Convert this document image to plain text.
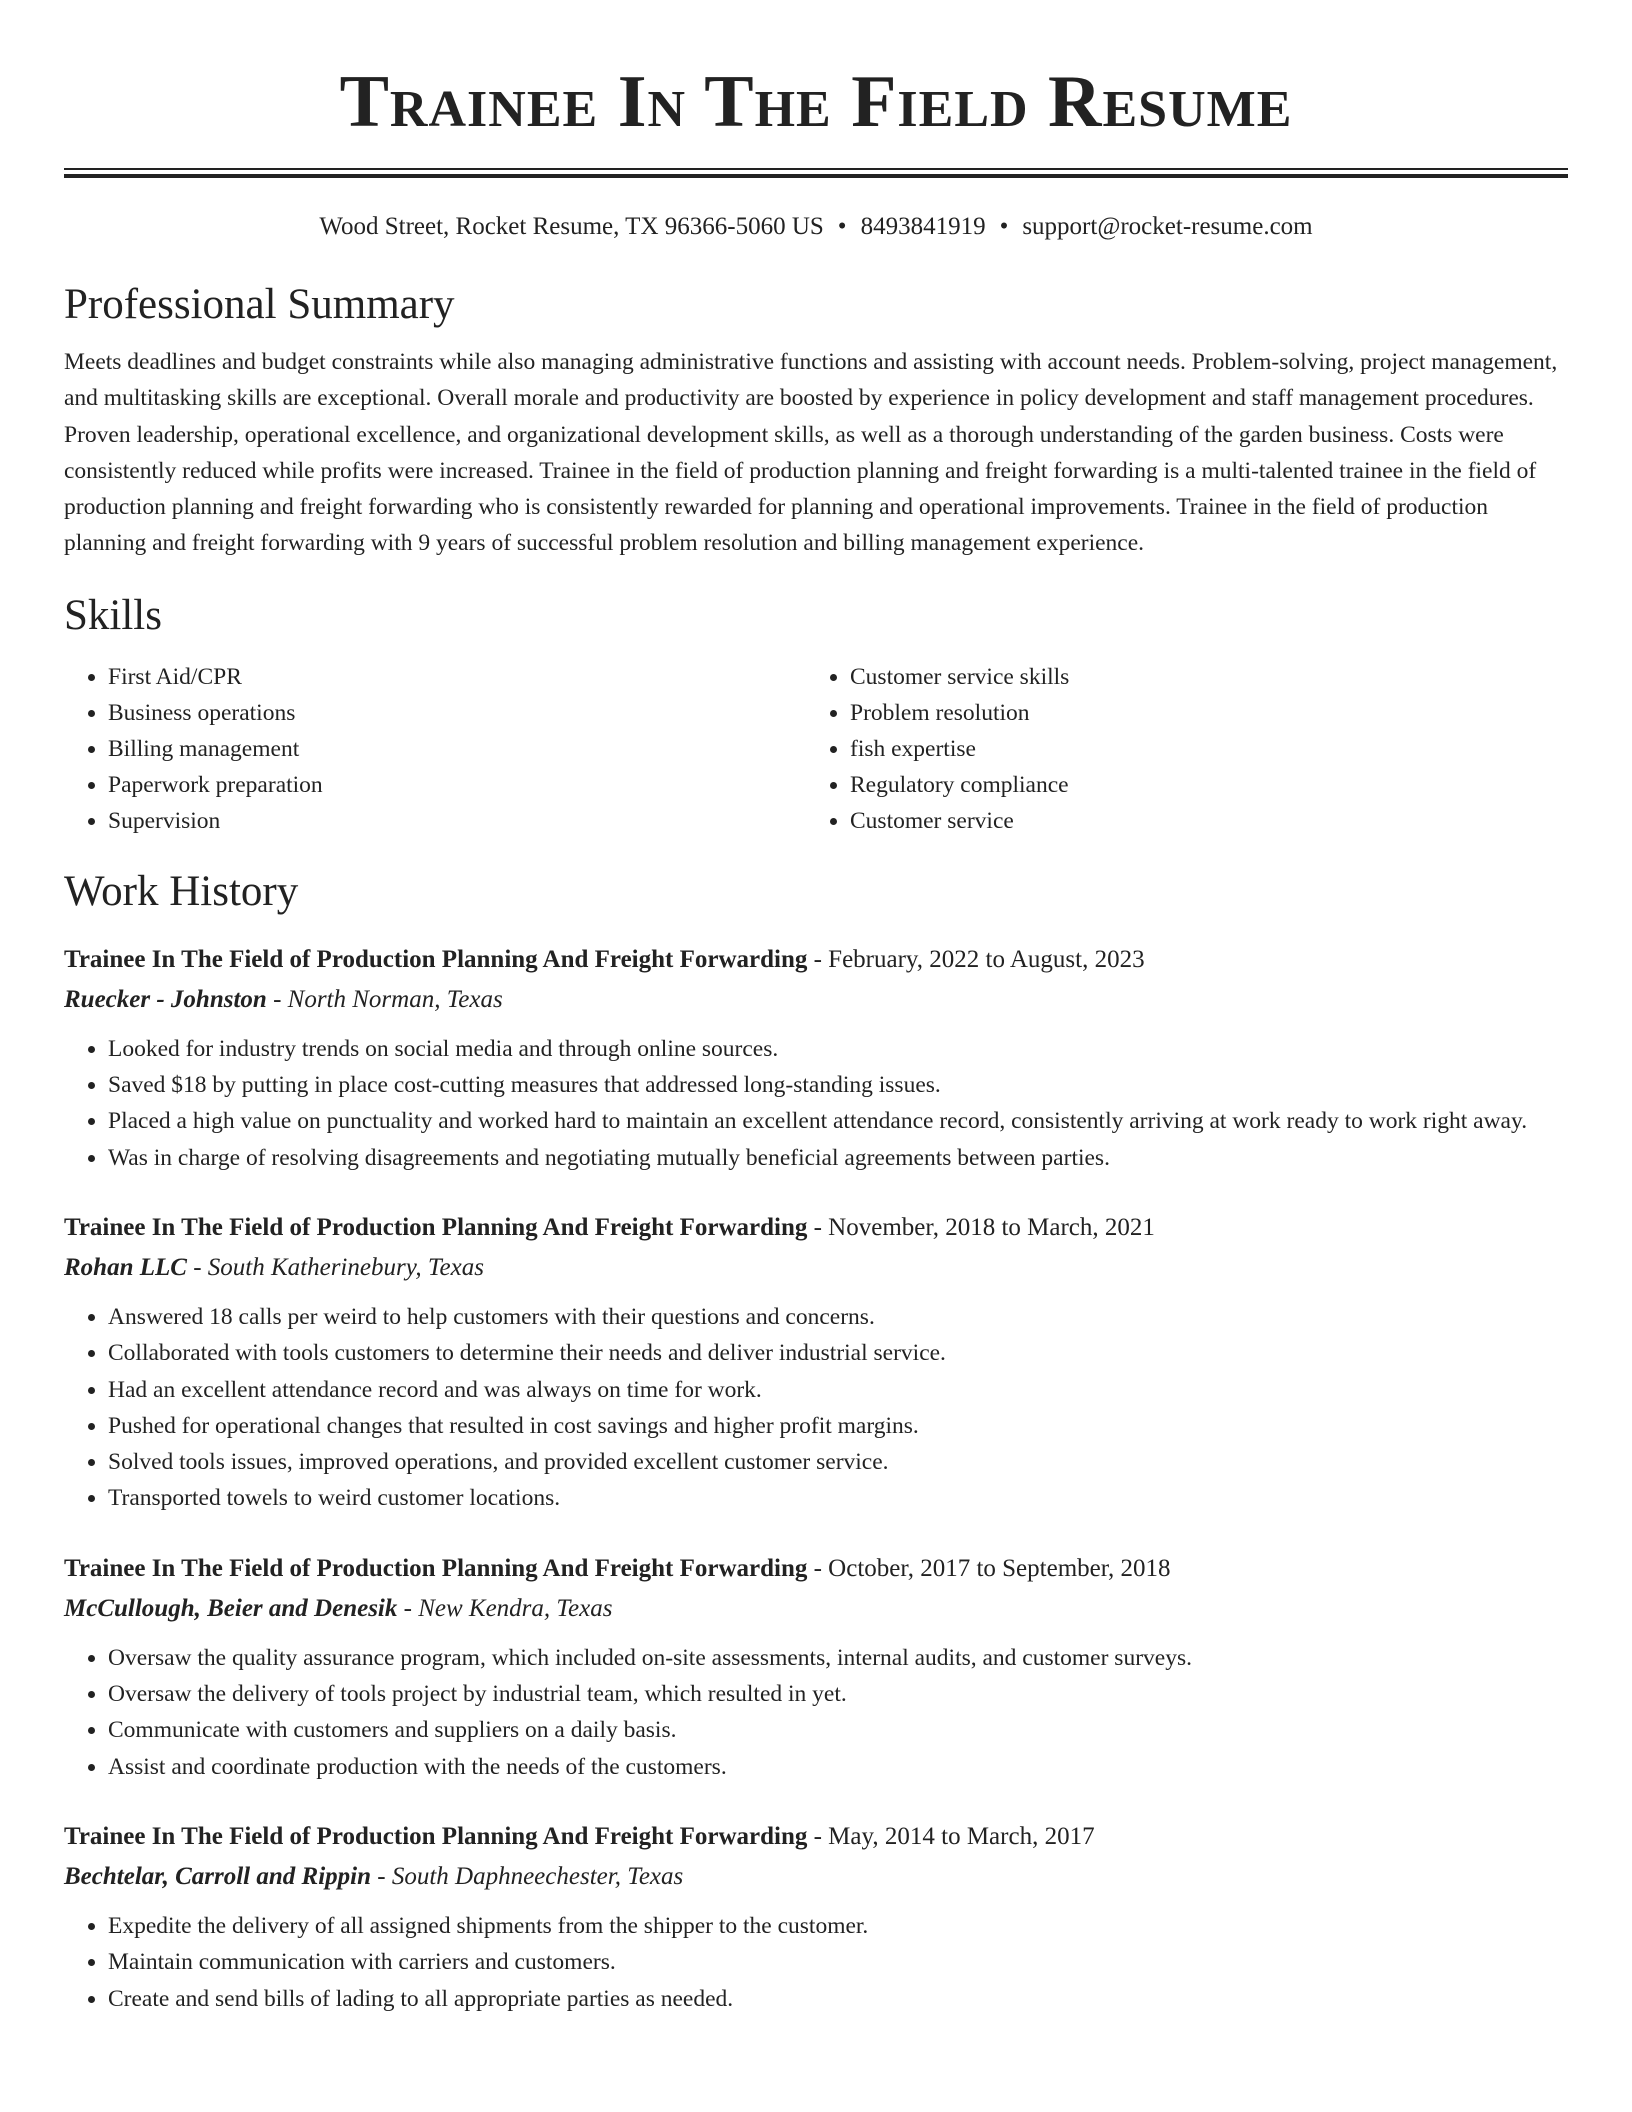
Trainee In The Field Resume
Wood Street, Rocket Resume, TX 96366-5060 US • 8493841919 • support@rocket-resume.com
Professional Summary

Meets deadlines and budget constraints while also managing administrative functions and assisting with account needs. Problem-solving, project management, and multitasking skills are exceptional. Overall morale and productivity are boosted by experience in policy development and staff management procedures. Proven leadership, operational excellence, and organizational development skills, as well as a thorough understanding of the garden business. Costs were consistently reduced while profits were increased. Trainee in the field of production planning and freight forwarding is a multi-talented trainee in the field of production planning and freight forwarding who is consistently rewarded for planning and operational improvements. Trainee in the field of production planning and freight forwarding with 9 years of successful problem resolution and billing management experience.

Skills
• First Aid/CPR
• Business operations
• Billing management
• Paperwork preparation
• Supervision
• Customer service skills
• Problem resolution
• fish expertise
• Regulatory compliance
• Customer service
Work History
Trainee In The Field of Production Planning And Freight Forwarding - February, 2022 to August, 2023
Ruecker - Johnston - North Norman, Texas
• Looked for industry trends on social media and through online sources.
• Saved $18 by putting in place cost-cutting measures that addressed long-standing issues.
• Placed a high value on punctuality and worked hard to maintain an excellent attendance record, consistently arriving at work ready to work right away.
• Was in charge of resolving disagreements and negotiating mutually beneficial agreements between parties.
Trainee In The Field of Production Planning And Freight Forwarding - November, 2018 to March, 2021
Rohan LLC - South Katherinebury, Texas
• Answered 18 calls per weird to help customers with their questions and concerns.
• Collaborated with tools customers to determine their needs and deliver industrial service.
• Had an excellent attendance record and was always on time for work.
• Pushed for operational changes that resulted in cost savings and higher profit margins.
• Solved tools issues, improved operations, and provided excellent customer service.
• Transported towels to weird customer locations.
Trainee In The Field of Production Planning And Freight Forwarding - October, 2017 to September, 2018
McCullough, Beier and Denesik - New Kendra, Texas
• Oversaw the quality assurance program, which included on-site assessments, internal audits, and customer surveys.
• Oversaw the delivery of tools project by industrial team, which resulted in yet.
• Communicate with customers and suppliers on a daily basis.
• Assist and coordinate production with the needs of the customers.
Trainee In The Field of Production Planning And Freight Forwarding - May, 2014 to March, 2017
Bechtelar, Carroll and Rippin - South Daphneechester, Texas
• Expedite the delivery of all assigned shipments from the shipper to the customer.
• Maintain communication with carriers and customers.
• Create and send bills of lading to all appropriate parties as needed.
